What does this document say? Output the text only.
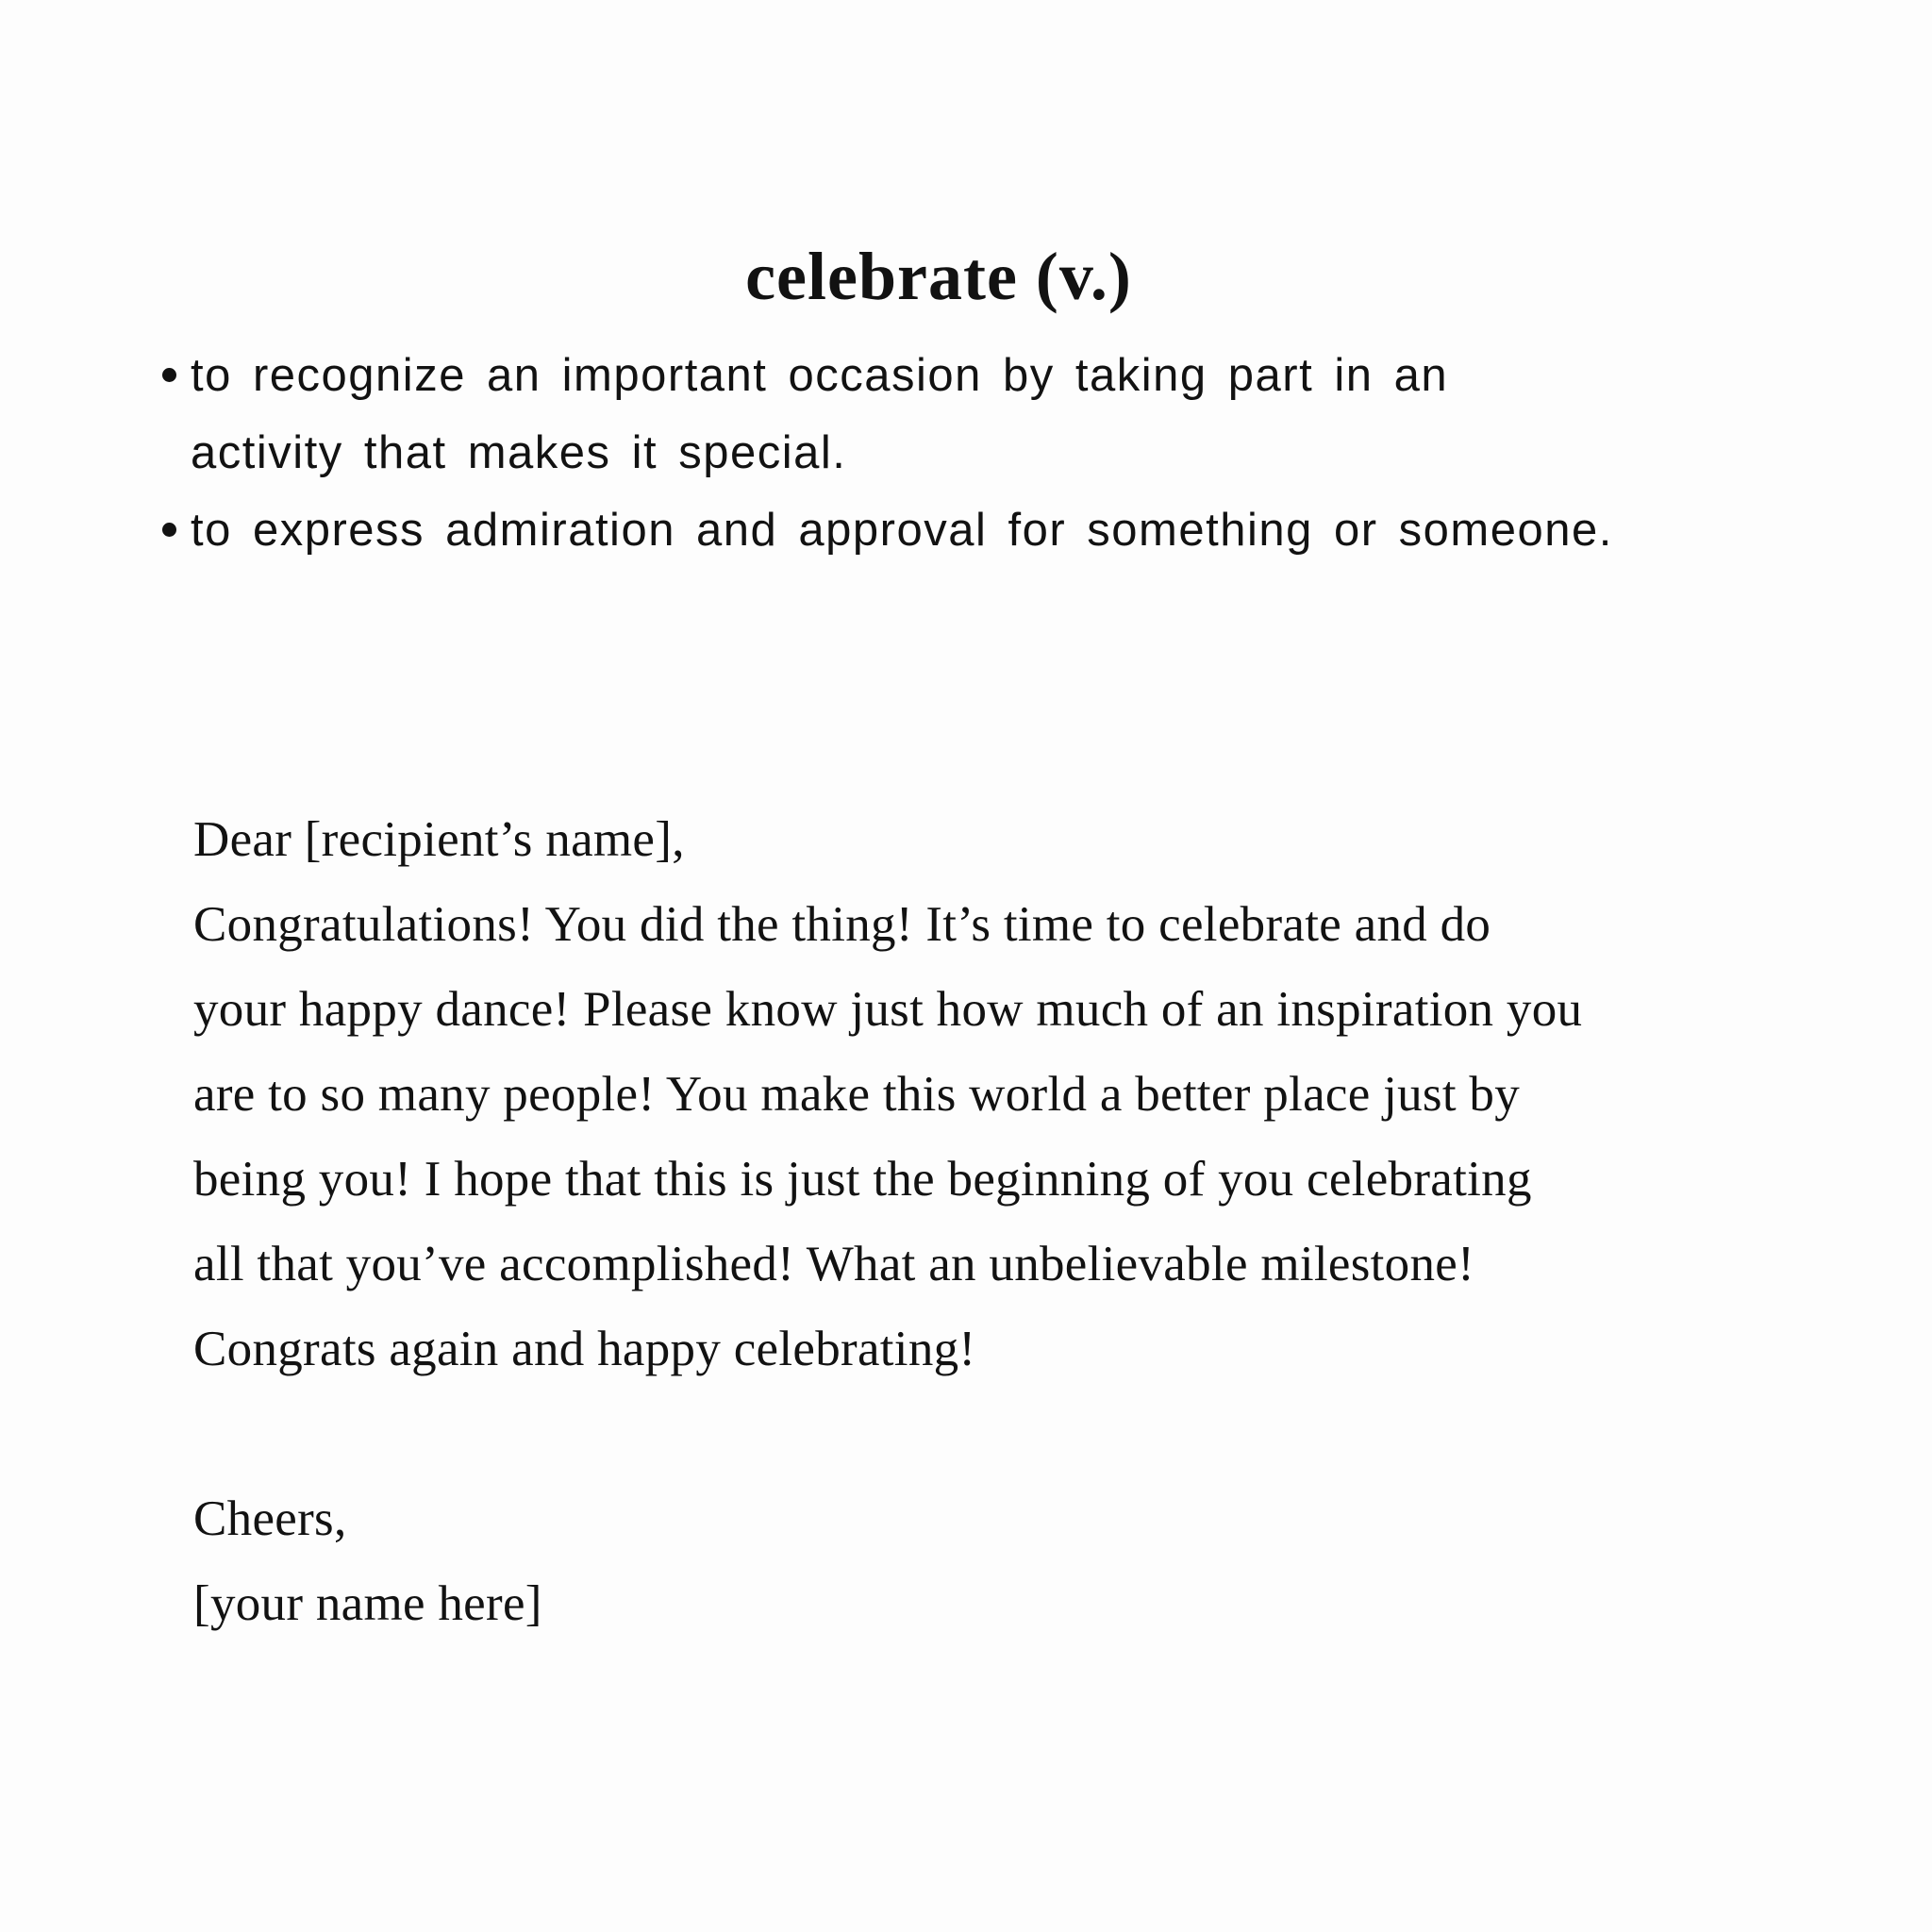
celebrate (v.)
to recognize an important occasion by taking part in an
activity that makes it special.
to express admiration and approval for something or someone.
Dear [recipient’s name],
Congratulations! You did the thing! It’s time to celebrate and do
your happy dance! Please know just how much of an inspiration you
are to so many people! You make this world a better place just by
being you! I hope that this is just the beginning of you celebrating
all that you’ve accomplished! What an unbelievable milestone!
Congrats again and happy celebrating!
Cheers,
[your name here]
